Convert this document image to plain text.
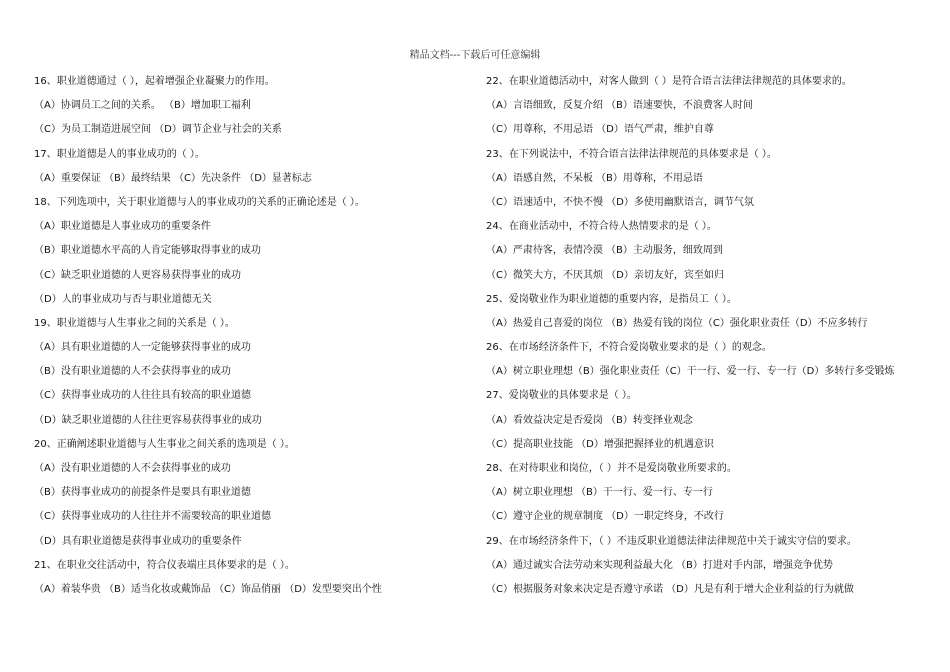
精品文档---下载后可任意编辑
16、职业道德通过（ ），起着增强企业凝聚力的作用。
（A）协调员工之间的关系。 （B）增加职工福利
（C）为员工制造进展空间 （D）调节企业与社会的关系
17、职业道德是人的事业成功的（ ）。
（A）重要保证 （B）最终结果 （C）先决条件 （D）显著标志
18、下列选项中，关于职业道德与人的事业成功的关系的正确论述是（ ）。
（A）职业道德是人事业成功的重要条件
（B）职业道德水平高的人肯定能够取得事业的成功
（C）缺乏职业道德的人更容易获得事业的成功
（D）人的事业成功与否与职业道德无关
19、职业道德与人生事业之间的关系是（ ）。
（A）具有职业道德的人一定能够获得事业的成功
（B）没有职业道德的人不会获得事业的成功
（C）获得事业成功的人往往具有较高的职业道德
（D）缺乏职业道德的人往往更容易获得事业的成功
20、正确阐述职业道德与人生事业之间关系的选项是（ ）。
（A）没有职业道德的人不会获得事业的成功
（B）获得事业成功的前提条件是要具有职业道德
（C）获得事业成功的人往往并不需要较高的职业道德
（D）具有职业道德是获得事业成功的重要条件
21、在职业交往活动中，符合仪表端庄具体要求的是（ ）。
（A）着装华贵 （B）适当化妆或戴饰品 （C）饰品俏丽 （D）发型要突出个性
22、在职业道德活动中，对客人做到（ ）是符合语言法律法律规范的具体要求的。
（A）言语细致，反复介绍 （B）语速要快，不浪费客人时间
（C）用尊称，不用忌语 （D）语气严肃，维护自尊
23、在下列说法中，不符合语言法律法律规范的具体要求是（ ）。
（A）语感自然，不呆板 （B）用尊称，不用忌语
（C）语速适中，不快不慢 （D）多使用幽默语言，调节气氛
24、在商业活动中，不符合待人热情要求的是（ ）。
（A）严肃待客，表情冷漠 （B）主动服务，细致周到
（C）微笑大方，不厌其烦 （D）亲切友好，宾至如归
25、爱岗敬业作为职业道德的重要内容，是指员工（ ）。
（A）热爱自己喜爱的岗位 （B）热爱有钱的岗位（C）强化职业责任（D）不应多转行
26、在市场经济条件下，不符合爱岗敬业要求的是（ ）的观念。
（A）树立职业理想（B）强化职业责任（C）干一行、爱一行、专一行（D）多转行多受锻炼
27、爱岗敬业的具体要求是（ ）。
（A）看效益决定是否爱岗 （B）转变择业观念
（C）提高职业技能 （D）增强把握择业的机遇意识
28、在对待职业和岗位，（ ）并不是爱岗敬业所要求的。
（A）树立职业理想 （B）干一行、爱一行、专一行
（C）遵守企业的规章制度 （D）一职定终身，不改行
29、在市场经济条件下，（ ）不违反职业道德法律法律规范中关于诚实守信的要求。
（A）通过诚实合法劳动来实现利益最大化 （B）打进对手内部，增强竞争优势
（C）根据服务对象来决定是否遵守承诺 （D）凡是有利于增大企业利益的行为就做
